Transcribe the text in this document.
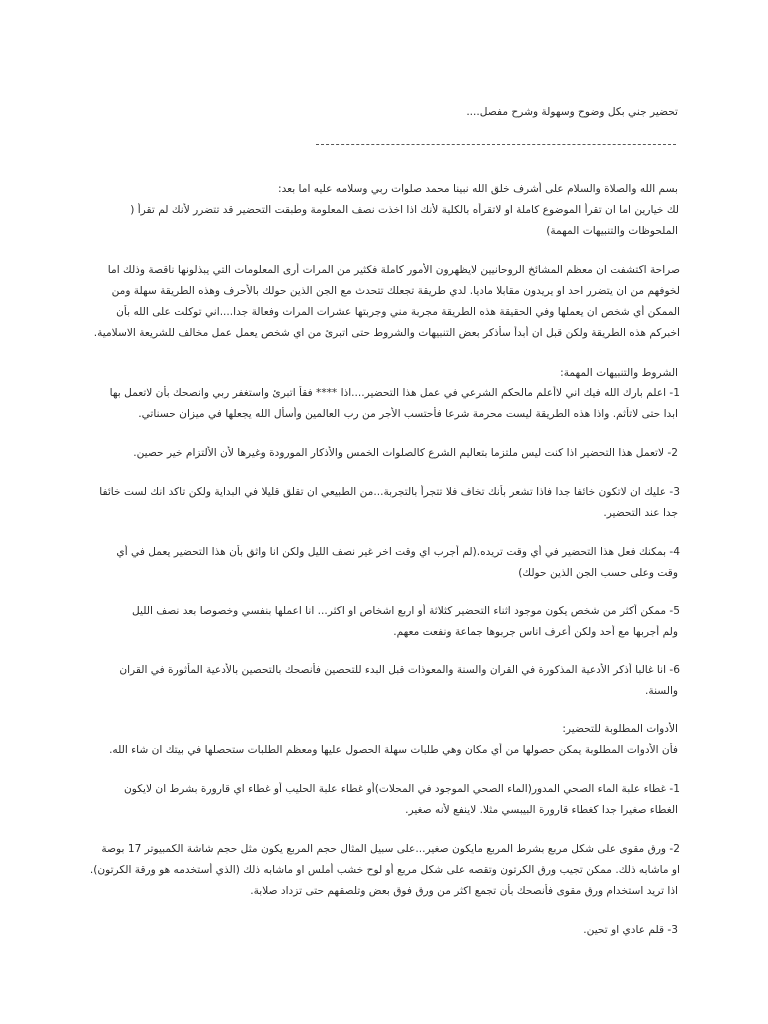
تحضير جني بكل وضوح وسهولة وشرح مفصل....
بسم الله والصلاة والسلام على أشرف خلق الله نبينا محمد صلوات ربي وسلامه عليه اما بعد:
لك خيارين اما ان تقرأ الموضوع كاملة او لاتقرأه بالكلية لأنك اذا اخذت نصف المعلومة وطبقت التحضير قد تتضرر لأنك لم تقرأ (
الملحوظات والتنبيهات المهمة)
صراحة اكتشفت ان معظم المشائخ الروحانيين لايظهرون الأمور كاملة فكثير من المرات أرى المعلومات التي يبذلونها ناقصة وذلك اما
لخوفهم من ان يتضرر احد او يريدون مقابلا ماديا. لدي طريقة تجعلك تتحدث مع الجن الذين حولك بالأحرف وهذه الطريقة سهلة ومن
الممكن أي شخص ان يعملها وفي الحقيقة هذه الطريقة مجربة مني وجربتها عشرات المرات وفعالة جدا....اني توكلت على الله بأن
اخبركم هذه الطريقة ولكن قبل ان أبدأ سأذكر بعض التنبيهات والشروط حتى اتبرئ من اي شخص يعمل عمل مخالف للشريعة الاسلامية.
الشروط والتنبيهات المهمة:
1- اعلم بارك الله فيك اني لاأعلم مالحكم الشرعي في عمل هذا التحضير....اذا **** فقأ اتبرئ واستغفر ربي وانصحك بأن لاتعمل بها
ابدا حتى لاتأثم. واذا هذه الطريقة ليست محرمة شرعا فأحتسب الأجر من رب العالمين وأسأل الله يجعلها في ميزان حسناتي.
2- لاتعمل هذا التحضير اذا كنت ليس ملتزما بتعاليم الشرع كالصلوات الخمس والأذكار المورودة وغيرها لأن الألتزام خير حصين.
3- عليك ان لاتكون خائفا جدا فاذا تشعر بأنك تخاف فلا تتجرأ بالتجربة...من الطبيعي ان تقلق قليلا في البداية ولكن تاكد انك لست خائفا
جدا عند التحضير.
4- بمكنك فعل هذا التحضير في أي وقت تريده.(لم أجرب اي وقت اخر غير نصف الليل ولكن انا واثق بأن هذا التحضير يعمل في أي
وقت وعلى حسب الجن الذين حولك)
5- ممكن أكثر من شخص يكون موجود اثناء التحضير كثلاثة أو اربع اشخاص او اكثر... انا اعملها بنفسي وخصوصا بعد نصف الليل
ولم أجربها مع أحد ولكن أعرف اناس جربوها جماعة ونفعت معهم.
6- انا غالبا أذكر الأدعية المذكورة في القران والسنة والمعوذات قبل البدء للتحصين فأنصحك بالتحصين بالأدعية المأثورة في القران
والسنة.
الأدوات المطلوبة للتحضير:
فأن الأدوات المطلوبة يمكن حصولها من أي مكان وهي طلبات سهلة الحصول عليها ومعظم الطلبات ستحصلها في بيتك ان شاء الله.
1- غطاء علبة الماء الصحي المدور(الماء الصحي الموجود في المحلات)أو غطاء علبة الحليب أو غطاء اي قارورة بشرط ان لايكون
الغطاء صغيرا جدا كغطاء قارورة البيبسي مثلا. لاينفع لأنه صغير.
2- ورق مقوى على شكل مربع بشرط المربع مايكون صغير...على سبيل المثال حجم المربع يكون مثل حجم شاشة الكمبيوتر 17 بوصة
او ماشابه ذلك. ممكن تجيب ورق الكرتون وتقصه على شكل مربع أو لوح خشب أملس او ماشابه ذلك (الذي أستخدمه هو ورقة الكرتون).
اذا تريد استخدام ورق مقوى فأنصحك بأن تجمع اكثر من ورق فوق بعض وتلصقهم حتى تزداد صلابة.
3- قلم عادي او تحين.
